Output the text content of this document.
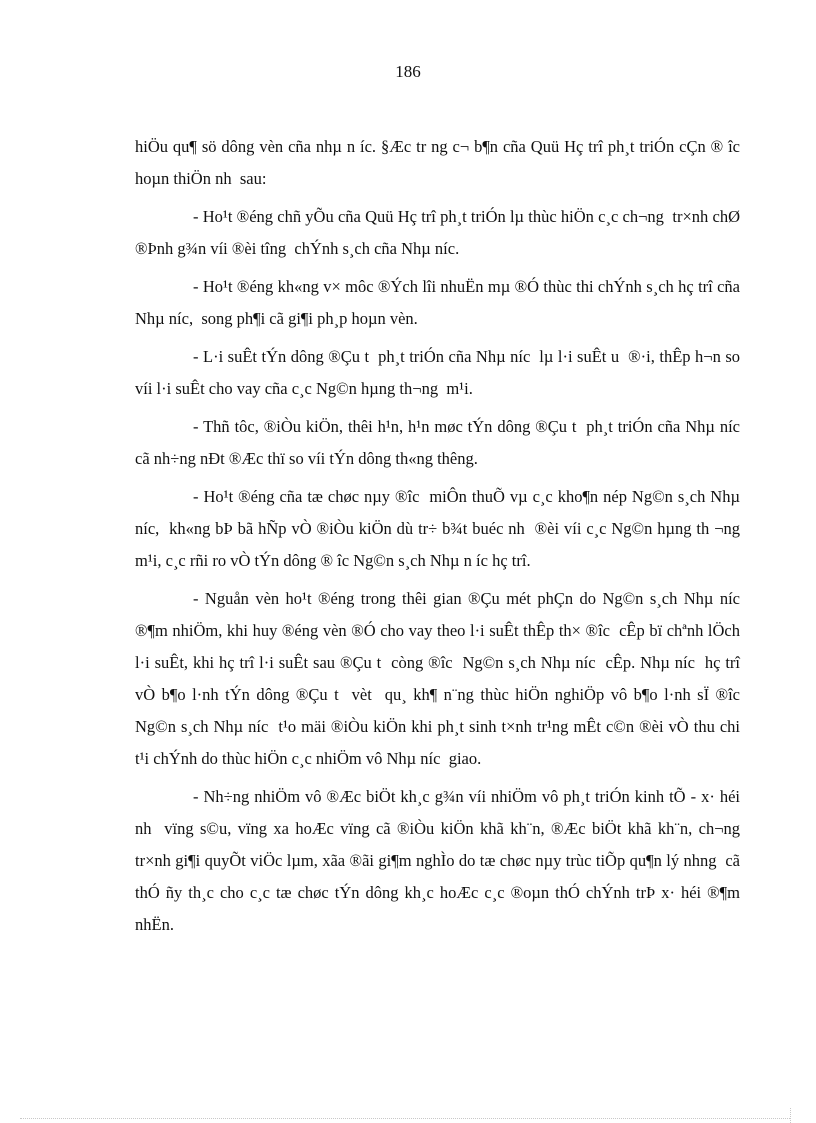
186

hiÖu qu¶ sö dông vèn cña nhµ n íc. §Æc tr ng c¬ b¶n cña Quü Hç trî ph¸t triÓn cÇn ® îc hoµn thiÖn nh  sau:

- Ho¹t ®éng chñ yÕu cña Quü Hç trî ph¸t triÓn lµ thùc hiÖn c¸c ch¬ng  tr×nh chØ ®Þnh g¾n víi ®èi tîng  chÝnh s¸ch cña Nhµ níc.

- Ho¹t ®éng kh«ng v× môc ®Ých lîi nhuËn mµ ®Ó thùc thi chÝnh s¸ch hç trî cña Nhµ níc,  song ph¶i cã gi¶i ph¸p hoµn vèn.

- L·i suÊt tÝn dông ®Çu t  ph¸t triÓn cña Nhµ níc  lµ l·i suÊt u  ®·i, thÊp h¬n so víi l·i suÊt cho vay cña c¸c Ng©n hµng th¬ng  m¹i.

- Thñ tôc, ®iÒu kiÖn, thêi h¹n, h¹n møc tÝn dông ®Çu t  ph¸t triÓn cña Nhµ níc  cã nh÷ng nÐt ®Æc thï so víi tÝn dông th«ng thêng.

- Ho¹t ®éng cña tæ chøc nµy ®îc  miÔn thuÕ vµ c¸c kho¶n nép Ng©n s¸ch Nhµ níc,  kh«ng bÞ bã hÑp vÒ ®iÒu kiÖn dù tr÷ b¾t buéc nh  ®èi víi c¸c Ng©n hµng th ¬ng m¹i, c¸c rñi ro vÒ tÝn dông ® îc Ng©n s¸ch Nhµ n íc hç trî.

- Nguån vèn ho¹t ®éng trong thêi gian ®Çu mét phÇn do Ng©n s¸ch Nhµ níc  ®¶m nhiÖm, khi huy ®éng vèn ®Ó cho vay theo l·i suÊt thÊp th× ®îc  cÊp bï chªnh lÖch l·i suÊt, khi hç trî l·i suÊt sau ®Çu t  còng ®îc  Ng©n s¸ch Nhµ níc  cÊp. Nhµ níc  hç trî vÒ b¶o l·nh tÝn dông ®Çu t  vèt  qu¸ kh¶ n¨ng thùc hiÖn nghiÖp vô b¶o l·nh sÏ ®îc  Ng©n s¸ch Nhµ níc  t¹o mäi ®iÒu kiÖn khi ph¸t sinh t×nh tr¹ng mÊt c©n ®èi vÒ thu chi t¹i chÝnh do thùc hiÖn c¸c nhiÖm vô Nhµ níc  giao.

- Nh÷ng nhiÖm vô ®Æc biÖt kh¸c g¾n víi nhiÖm vô ph¸t triÓn kinh tÕ - x· héi nh  vïng s©u, vïng xa hoÆc vïng cã ®iÒu kiÖn khã kh¨n, ®Æc biÖt khã kh¨n, ch¬ng  tr×nh gi¶i quyÕt viÖc lµm, xãa ®ãi gi¶m nghÌo do tæ chøc nµy trùc tiÕp qu¶n lý nhng  cã thÓ ñy th¸c cho c¸c tæ chøc tÝn dông kh¸c hoÆc c¸c ®oµn thÓ chÝnh trÞ x· héi ®¶m nhËn.
